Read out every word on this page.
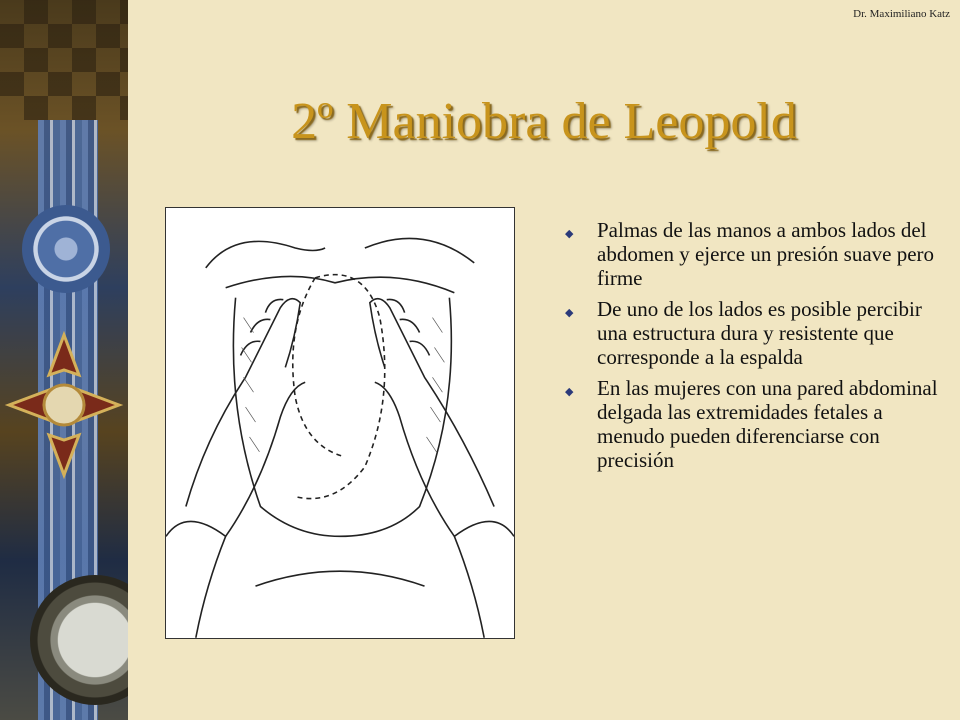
Dr. Maximiliano Katz
2º Maniobra de Leopold
◆ Palmas de las manos a ambos lados del abdomen y ejerce un presión suave pero firme
◆ De uno de los lados es posible percibir una estructura dura y resistente que corresponde a la espalda
◆ En las mujeres con una pared abdominal delgada las extremidades fetales a menudo pueden diferenciarse con precisión
